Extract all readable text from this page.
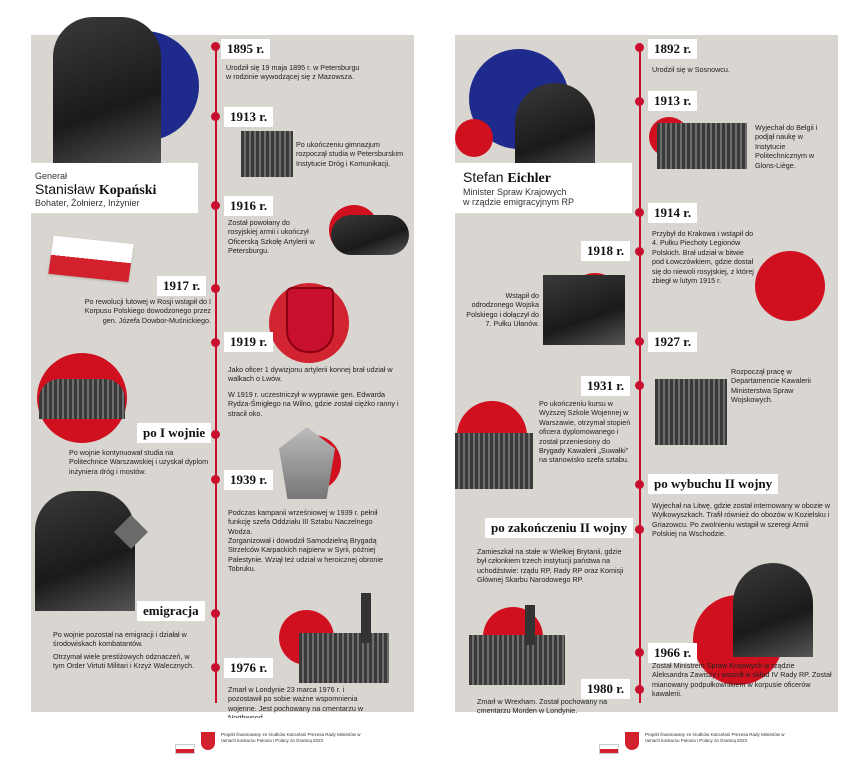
Generał
Stanisław Kopański
Bohater, Żołnierz, Inżynier
1895 r.
Urodził się 19 maja 1895 r. w Petersburgu w rodzinie wywodzącej się z Mazowsza.
1913 r.
Po ukończeniu gimnazjum rozpoczął studia w Petersburskim Instytucie Dróg i Komunikacji.
1916 r.
Został powołany do rosyjskiej armii i ukończył Oficerską Szkołę Artylerii w Petersburgu.
1917 r.
Po rewolucji lutowej w Rosji wstąpił do I Korpusu Polskiego dowodzonego przez gen. Józefa Dowbor-Muśnickiego.
1919 r.
Jako oficer 1 dywizjonu artylerii konnej brał udział w walkach o Lwów.
W 1919 r. uczestniczył w wyprawie gen. Edwarda Rydza-Śmigłego na Wilno, gdzie został ciężko ranny i stracił oko.
po I wojnie
Po wojnie kontynuował studia na Politechnice Warszawskiej i uzyskał dyplom inżyniera dróg i mostów.
1939 r.
Podczas kampanii wrześniowej w 1939 r. pełnił funkcję szefa Oddziału III Sztabu Naczelnego Wodza.
Zorganizował i dowodził Samodzielną Brygadą Strzelców Karpackich najpierw w Syrii, później Palestynie. Wziął też udział w heroicznej obronie Tobruku.
emigracja
Po wojnie pozostał na emigracji i działał w środowiskach kombatantów.
Otrzymał wiele prestiżowych odznaczeń, w tym Order Virtuti Militari i Krzyż Walecznych.	1976 r.
Zmarł w Londynie 23 marca 1976 r. i pozostawił po sobie ważne wspomnienia wojenne. Jest pochowany na cmentarzu w
Stefan Eichler
Minister Spraw Krajowych
w rządzie emigracyjnym RP
1892 r.
Urodził się w Sosnowcu.
1913 r.
Wyjechał do Belgii i podjął naukę w Instytucie Politechnicznym w Glons-Liège.
1914 r.
Przybył do Krakowa i wstąpił do 4. Pułku Piechoty Legionów Polskich. Brał udział w bitwie pod Łowczówkiem, gdzie dostał się do niewoli rosyjskiej, z której zbiegł w lutym 1915 r.
1918 r.
Wstąpił do odrodzonego Wojska Polskiego i dołączył do 7. Pułku Ułanów.
1927 r.
Rozpoczął pracę w Departamencie Kawalerii Ministerstwa Spraw Wojskowych.
1931 r.
Po ukończeniu kursu w Wyższej Szkole Wojennej w Warszawie, otrzymał stopień oficera dyplomowanego i został przeniesiony do Brygady Kawalerii „Suwałki” na stanowisko szefa sztabu.
po wybuchu II wojny
Wyjechał na Litwę, gdzie został internowany w obozie w Wyłkowyszkach. Trafił również do obozów w Kozielsku i Griazowcu. Po zwolnieniu wstąpił w szeregi Armii Polskiej na Wschodzie.
po zakończeniu II wojny
Zamieszkał na stałe w Wielkiej Brytanii, gdzie był członkiem trzech instytucji państwa na uchodźstwie: rządu RP, Rady RP oraz Komisji Głównej Skarbu Narodowego RP.
1966 r.
Został Ministrem Spraw Krajowych w rządzie Aleksandra Zawiszy i wszedł w skład IV Rady RP. Został mianowany podpułkownikiem w korpusie oficerów kawalerii.
1980 r.
Zmarł w Wrexham. Został pochowany na cmentarzu Morden w Londynie.
Projekt finansowany ze środków Kancelarii Prezesa Rady Ministrów w ramach konkursu Polonia i Polacy za Granicą 2023
Projekt finansowany ze środków Kancelarii Prezesa Rady Ministrów w ramach konkursu Polonia i Polacy za Granicą 2023
